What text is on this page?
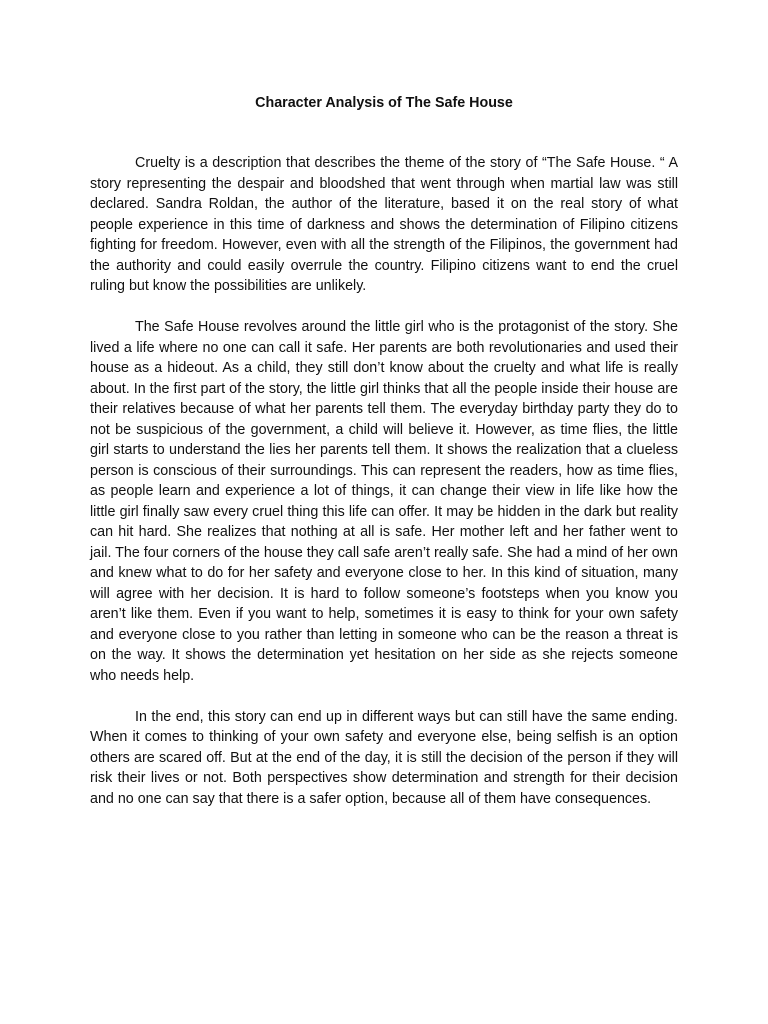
Character Analysis of The Safe House

Cruelty is a description that describes the theme of the story of “The Safe House. “ A story representing the despair and bloodshed that went through when martial law was still declared. Sandra Roldan, the author of the literature, based it on the real story of what people experience in this time of darkness and shows the determination of Filipino citizens fighting for freedom. However, even with all the strength of the Filipinos, the government had the authority and could easily overrule the country. Filipino citizens want to end the cruel ruling but know the possibilities are unlikely.

The Safe House revolves around the little girl who is the protagonist of the story. She lived a life where no one can call it safe. Her parents are both revolutionaries and used their house as a hideout. As a child, they still don’t know about the cruelty and what life is really about. In the first part of the story, the little girl thinks that all the people inside their house are their relatives because of what her parents tell them. The everyday birthday party they do to not be suspicious of the government, a child will believe it. However, as time flies, the little girl starts to understand the lies her parents tell them. It shows the realization that a clueless person is conscious of their surroundings. This can represent the readers, how as time flies, as people learn and experience a lot of things, it can change their view in life like how the little girl finally saw every cruel thing this life can offer. It may be hidden in the dark but reality can hit hard. She realizes that nothing at all is safe. Her mother left and her father went to jail. The four corners of the house they call safe aren’t really safe. She had a mind of her own and knew what to do for her safety and everyone close to her. In this kind of situation, many will agree with her decision. It is hard to follow someone’s footsteps when you know you aren’t like them. Even if you want to help, sometimes it is easy to think for your own safety and everyone close to you rather than letting in someone who can be the reason a threat is on the way. It shows the determination yet hesitation on her side as she rejects someone who needs help.

In the end, this story can end up in different ways but can still have the same ending. When it comes to thinking of your own safety and everyone else, being selfish is an option others are scared off. But at the end of the day, it is still the decision of the person if they will risk their lives or not. Both perspectives show determination and strength for their decision and no one can say that there is a safer option, because all of them have consequences.
